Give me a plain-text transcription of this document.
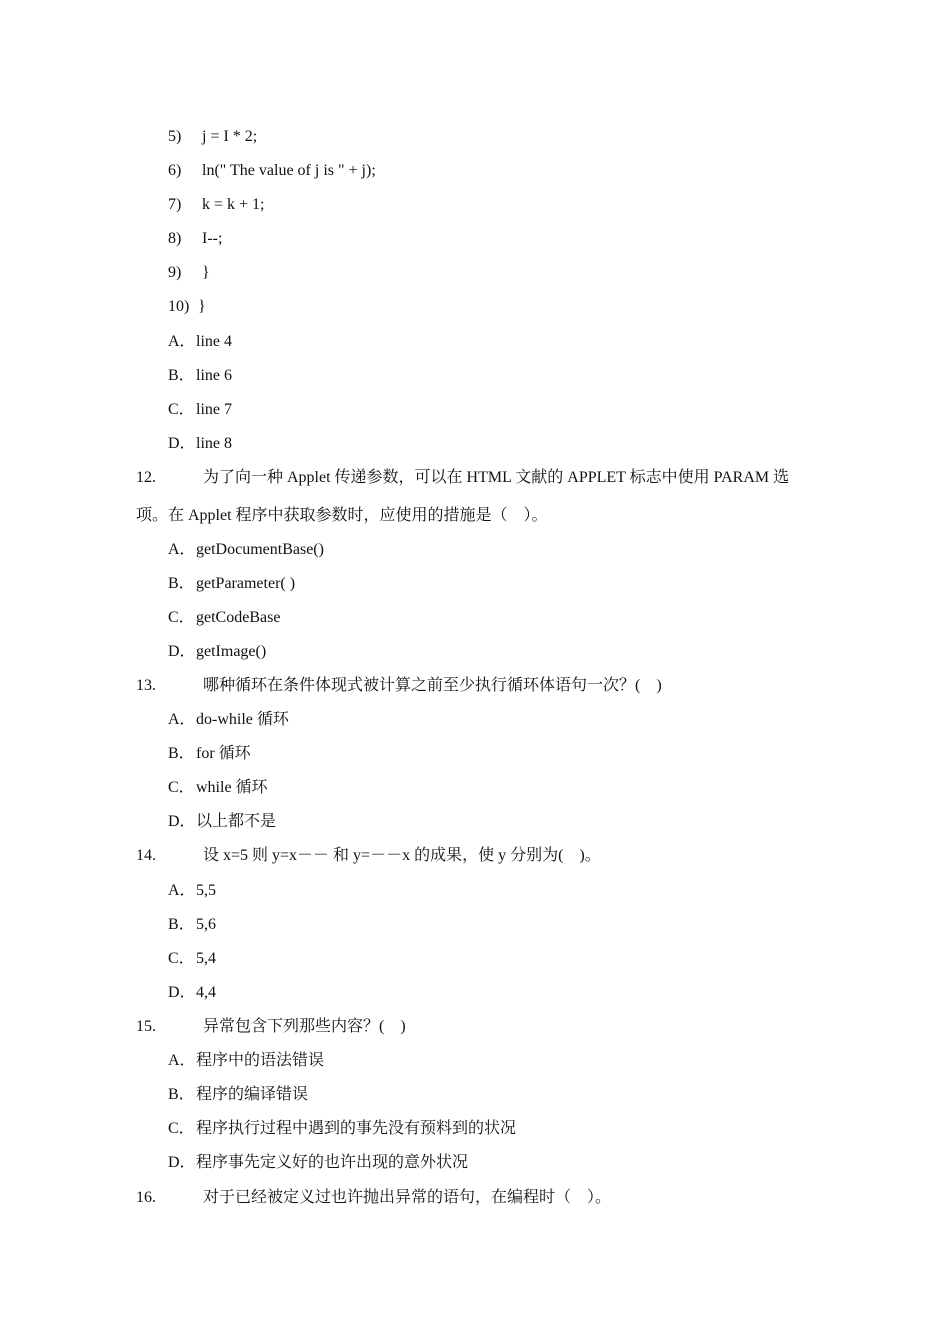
5) j = I * 2;
6) ln(" The value of j is " + j);
7) k = k + 1;
8) I--;
9) }
10) }
A．line 4
B．line 6
C．line 7
D．line 8
12.	为了向一种 Applet 传递参数，可以在 HTML 文献的 APPLET 标志中使用 PARAM 选
项。在 Applet 程序中获取参数时，应使用的措施是（　）。
A．getDocumentBase()
B．getParameter( )
C．getCodeBase
D．getImage()
13.	哪种循环在条件体现式被计算之前至少执行循环体语句一次？(　)
A．do-while 循环
B．for 循环
C．while 循环
D．以上都不是
14.	设 x=5 则 y=x－－ 和 y=－－x 的成果，使 y 分别为(　)。
A．5,5
B．5,6
C．5,4
D．4,4
15.	异常包含下列那些内容？(　)
A．程序中的语法错误
B．程序的编译错误
C．程序执行过程中遇到的事先没有预料到的状况
D．程序事先定义好的也许出现的意外状况
16.	对于已经被定义过也许抛出异常的语句，在编程时（　）。
